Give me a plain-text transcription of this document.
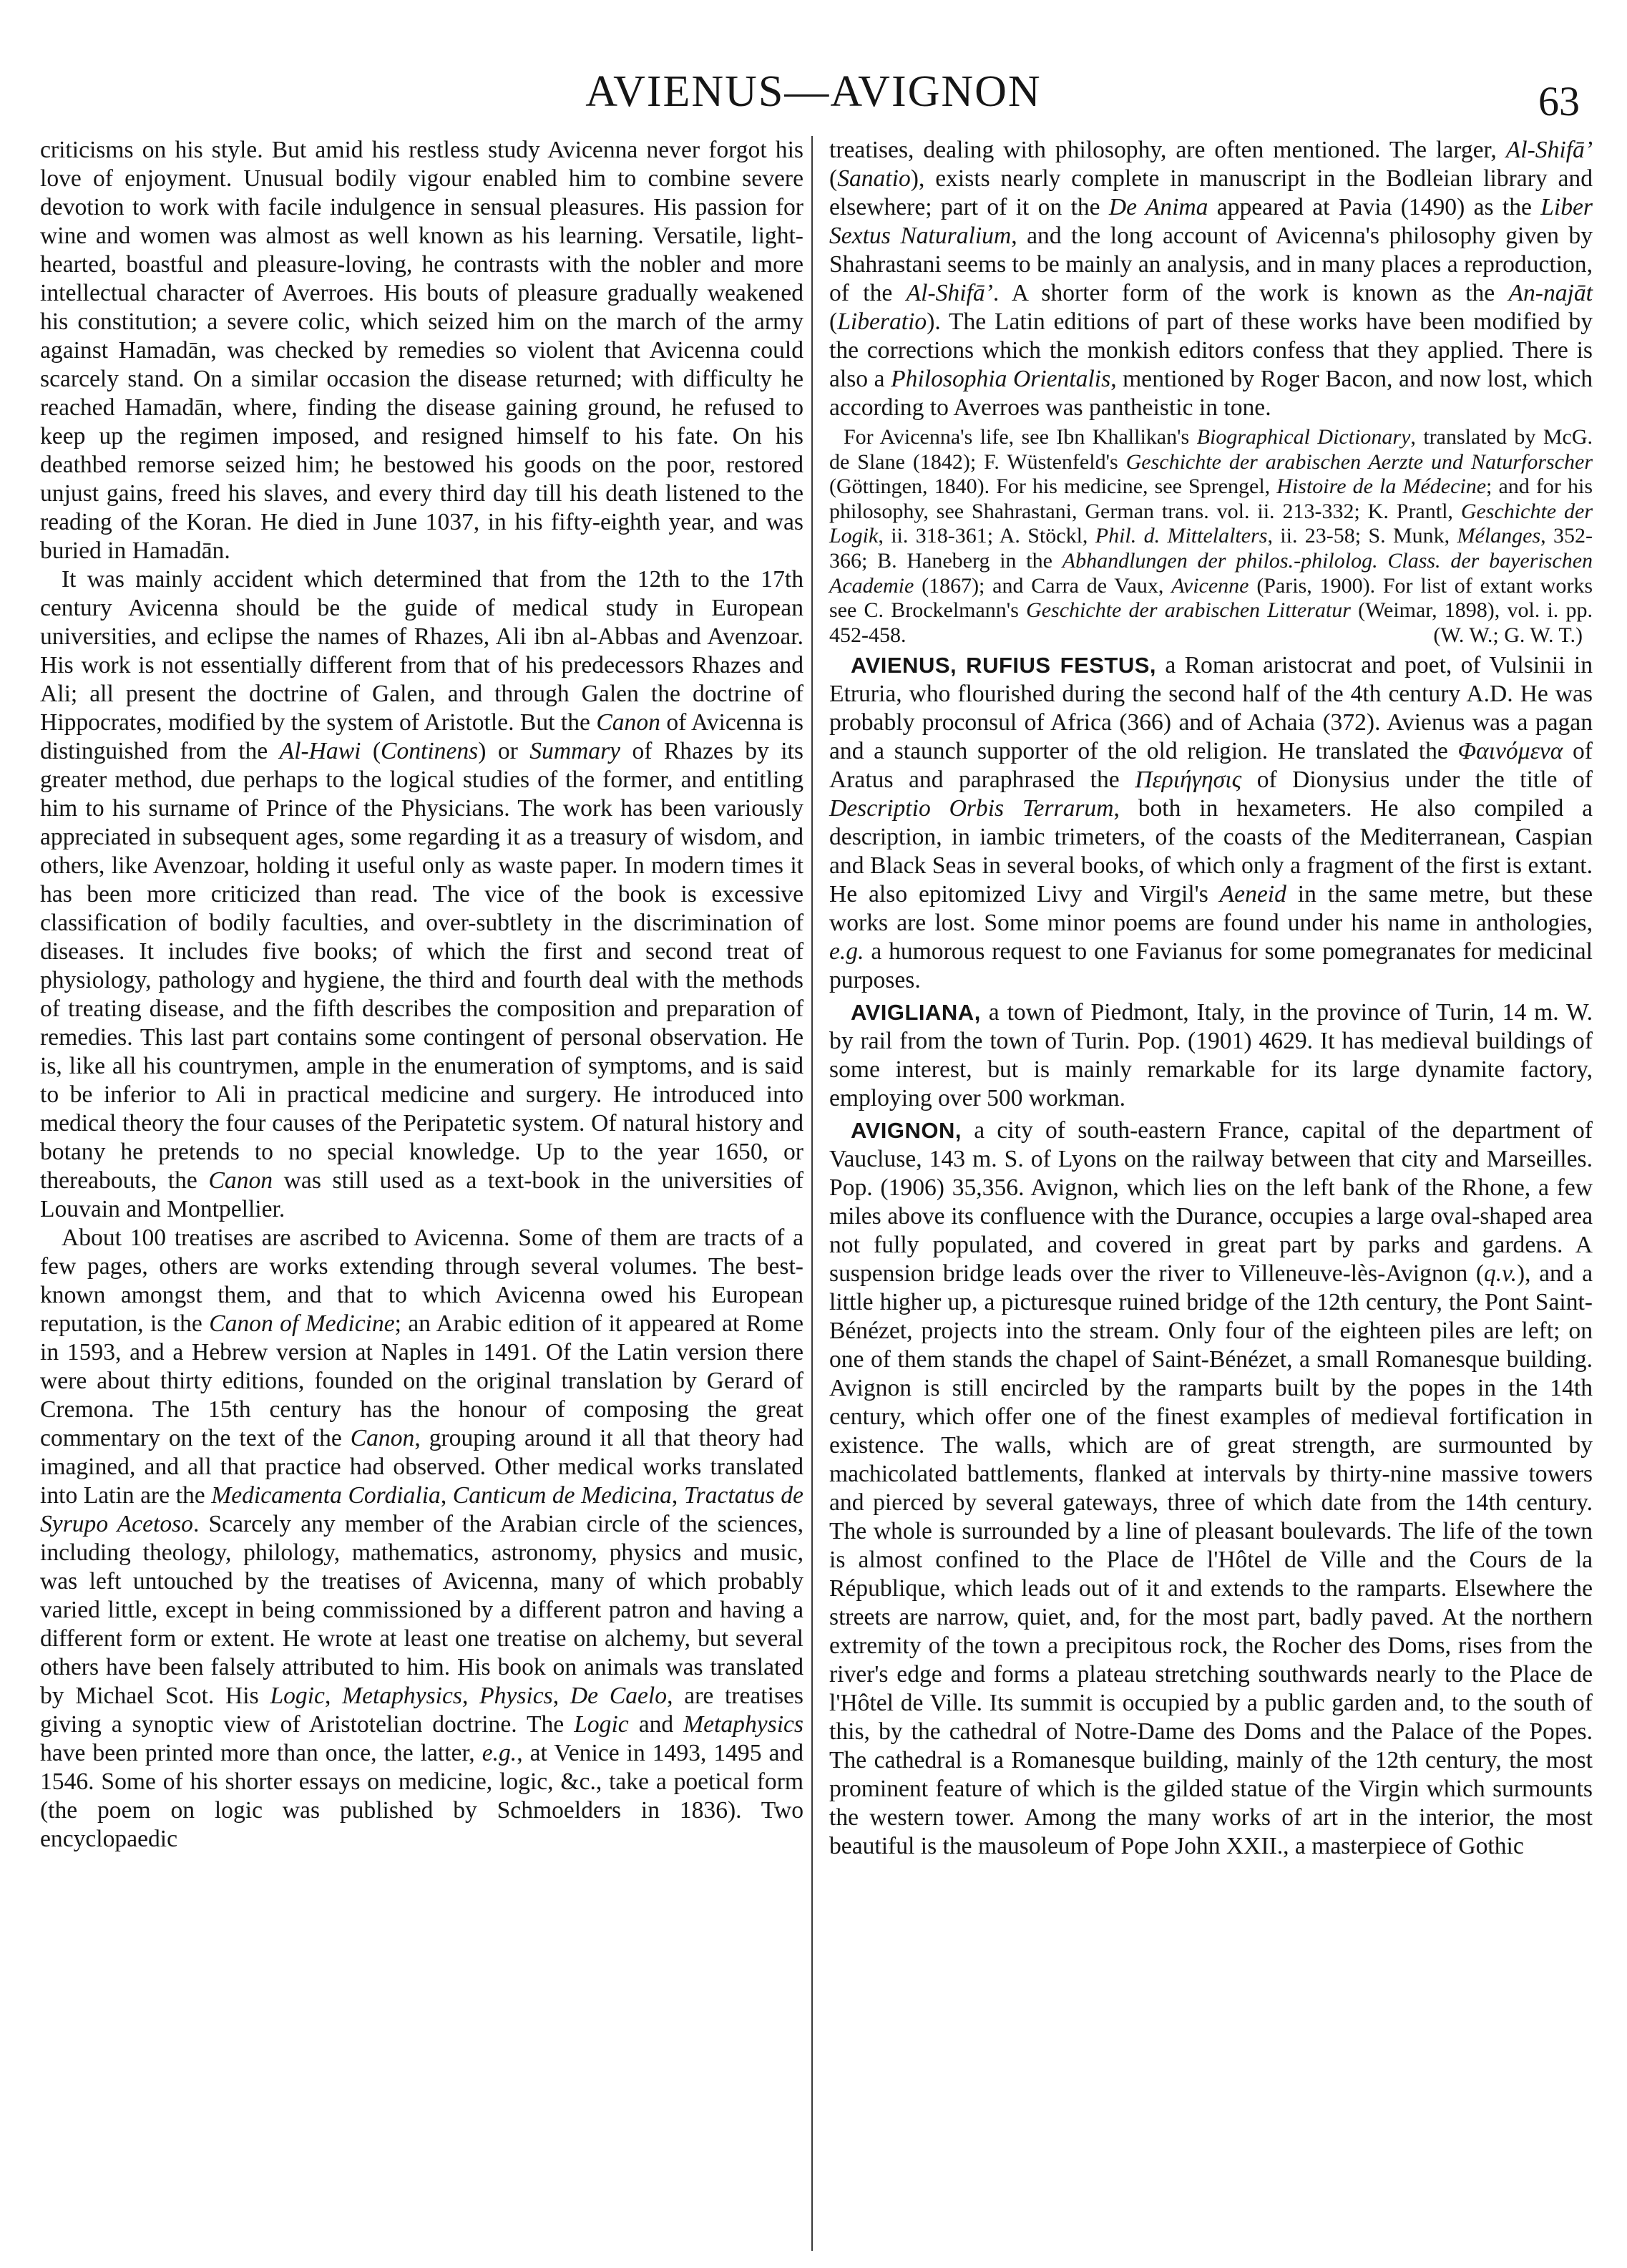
AVIENUS—AVIGNON	63

criticisms on his style. But amid his restless study Avicenna never forgot his love of enjoyment. Unusual bodily vigour enabled him to combine severe devotion to work with facile indulgence in sensual pleasures. His passion for wine and women was almost as well known as his learning. Versatile, light-hearted, boastful and pleasure-loving, he contrasts with the nobler and more intellectual character of Averroes. His bouts of pleasure gradually weakened his constitution; a severe colic, which seized him on the march of the army against Hamadān, was checked by remedies so violent that Avicenna could scarcely stand. On a similar occasion the disease returned; with difficulty he reached Hamadān, where, finding the disease gaining ground, he refused to keep up the regimen imposed, and resigned himself to his fate. On his deathbed remorse seized him; he bestowed his goods on the poor, restored unjust gains, freed his slaves, and every third day till his death listened to the reading of the Koran. He died in June 1037, in his fifty-eighth year, and was buried in Hamadān.

It was mainly accident which determined that from the 12th to the 17th century Avicenna should be the guide of medical study in European universities, and eclipse the names of Rhazes, Ali ibn al-Abbas and Avenzoar. His work is not essentially different from that of his predecessors Rhazes and Ali; all present the doctrine of Galen, and through Galen the doctrine of Hippocrates, modified by the system of Aristotle. But the Canon of Avicenna is distinguished from the Al-Hawi (Continens) or Summary of Rhazes by its greater method, due perhaps to the logical studies of the former, and entitling him to his surname of Prince of the Physicians. The work has been variously appreciated in subsequent ages, some regarding it as a treasury of wisdom, and others, like Avenzoar, holding it useful only as waste paper. In modern times it has been more criticized than read. The vice of the book is excessive classification of bodily faculties, and over-subtlety in the discrimination of diseases. It includes five books; of which the first and second treat of physiology, pathology and hygiene, the third and fourth deal with the methods of treating disease, and the fifth describes the composition and preparation of remedies. This last part contains some contingent of personal observation. He is, like all his countrymen, ample in the enumeration of symptoms, and is said to be inferior to Ali in practical medicine and surgery. He introduced into medical theory the four causes of the Peripatetic system. Of natural history and botany he pretends to no special knowledge. Up to the year 1650, or thereabouts, the Canon was still used as a text-book in the universities of Louvain and Montpellier.

About 100 treatises are ascribed to Avicenna. Some of them are tracts of a few pages, others are works extending through several volumes. The best-known amongst them, and that to which Avicenna owed his European reputation, is the Canon of Medicine; an Arabic edition of it appeared at Rome in 1593, and a Hebrew version at Naples in 1491. Of the Latin version there were about thirty editions, founded on the original translation by Gerard of Cremona. The 15th century has the honour of composing the great commentary on the text of the Canon, grouping around it all that theory had imagined, and all that practice had observed. Other medical works translated into Latin are the Medicamenta Cordialia, Canticum de Medicina, Tractatus de Syrupo Acetoso. Scarcely any member of the Arabian circle of the sciences, including theology, philology, mathematics, astronomy, physics and music, was left untouched by the treatises of Avicenna, many of which probably varied little, except in being commissioned by a different patron and having a different form or extent. He wrote at least one treatise on alchemy, but several others have been falsely attributed to him. His book on animals was translated by Michael Scot. His Logic, Metaphysics, Physics, De Caelo, are treatises giving a synoptic view of Aristotelian doctrine. The Logic and Metaphysics have been printed more than once, the latter, e.g., at Venice in 1493, 1495 and 1546. Some of his shorter essays on medicine, logic, &c., take a poetical form (the poem on logic was published by Schmoelders in 1836). Two encyclopaedic

treatises, dealing with philosophy, are often mentioned. The larger, Al-Shifā’ (Sanatio), exists nearly complete in manuscript in the Bodleian library and elsewhere; part of it on the De Anima appeared at Pavia (1490) as the Liber Sextus Naturalium, and the long account of Avicenna's philosophy given by Shahrastani seems to be mainly an analysis, and in many places a reproduction, of the Al-Shifā’. A shorter form of the work is known as the An-najāt (Liberatio). The Latin editions of part of these works have been modified by the corrections which the monkish editors confess that they applied. There is also a Philosophia Orientalis, mentioned by Roger Bacon, and now lost, which according to Averroes was pantheistic in tone.

For Avicenna's life, see Ibn Khallikan's Biographical Dictionary, translated by McG. de Slane (1842); F. Wüstenfeld's Geschichte der arabischen Aerzte und Naturforscher (Göttingen, 1840). For his medicine, see Sprengel, Histoire de la Médecine; and for his philosophy, see Shahrastani, German trans. vol. ii. 213-332; K. Prantl, Geschichte der Logik, ii. 318-361; A. Stöckl, Phil. d. Mittelalters, ii. 23-58; S. Munk, Mélanges, 352-366; B. Haneberg in the Abhandlungen der philos.-philolog. Class. der bayerischen Academie (1867); and Carra de Vaux, Avicenne (Paris, 1900). For list of extant works see C. Brockelmann's Geschichte der arabischen Litteratur (Weimar, 1898), vol. i. pp. 452-458.	(W. W.; G. W. T.)

AVIENUS, RUFIUS FESTUS, a Roman aristocrat and poet, of Vulsinii in Etruria, who flourished during the second half of the 4th century A.D. He was probably proconsul of Africa (366) and of Achaia (372). Avienus was a pagan and a staunch supporter of the old religion. He translated the Φαινόμενα of Aratus and paraphrased the Περιήγησις of Dionysius under the title of Descriptio Orbis Terrarum, both in hexameters. He also compiled a description, in iambic trimeters, of the coasts of the Mediterranean, Caspian and Black Seas in several books, of which only a fragment of the first is extant. He also epitomized Livy and Virgil's Aeneid in the same metre, but these works are lost. Some minor poems are found under his name in anthologies, e.g. a humorous request to one Favianus for some pomegranates for medicinal purposes.

AVIGLIANA, a town of Piedmont, Italy, in the province of Turin, 14 m. W. by rail from the town of Turin. Pop. (1901) 4629. It has medieval buildings of some interest, but is mainly remarkable for its large dynamite factory, employing over 500 workman.

AVIGNON, a city of south-eastern France, capital of the department of Vaucluse, 143 m. S. of Lyons on the railway between that city and Marseilles. Pop. (1906) 35,356. Avignon, which lies on the left bank of the Rhone, a few miles above its confluence with the Durance, occupies a large oval-shaped area not fully populated, and covered in great part by parks and gardens. A suspension bridge leads over the river to Villeneuve-lès-Avignon (q.v.), and a little higher up, a picturesque ruined bridge of the 12th century, the Pont Saint-Bénézet, projects into the stream. Only four of the eighteen piles are left; on one of them stands the chapel of Saint-Bénézet, a small Romanesque building. Avignon is still encircled by the ramparts built by the popes in the 14th century, which offer one of the finest examples of medieval fortification in existence. The walls, which are of great strength, are surmounted by machicolated battlements, flanked at intervals by thirty-nine massive towers and pierced by several gateways, three of which date from the 14th century. The whole is surrounded by a line of pleasant boulevards. The life of the town is almost confined to the Place de l'Hôtel de Ville and the Cours de la République, which leads out of it and extends to the ramparts. Elsewhere the streets are narrow, quiet, and, for the most part, badly paved. At the northern extremity of the town a precipitous rock, the Rocher des Doms, rises from the river's edge and forms a plateau stretching southwards nearly to the Place de l'Hôtel de Ville. Its summit is occupied by a public garden and, to the south of this, by the cathedral of Notre-Dame des Doms and the Palace of the Popes. The cathedral is a Romanesque building, mainly of the 12th century, the most prominent feature of which is the gilded statue of the Virgin which surmounts the western tower. Among the many works of art in the interior, the most beautiful is the mausoleum of Pope John XXII., a masterpiece of Gothic
